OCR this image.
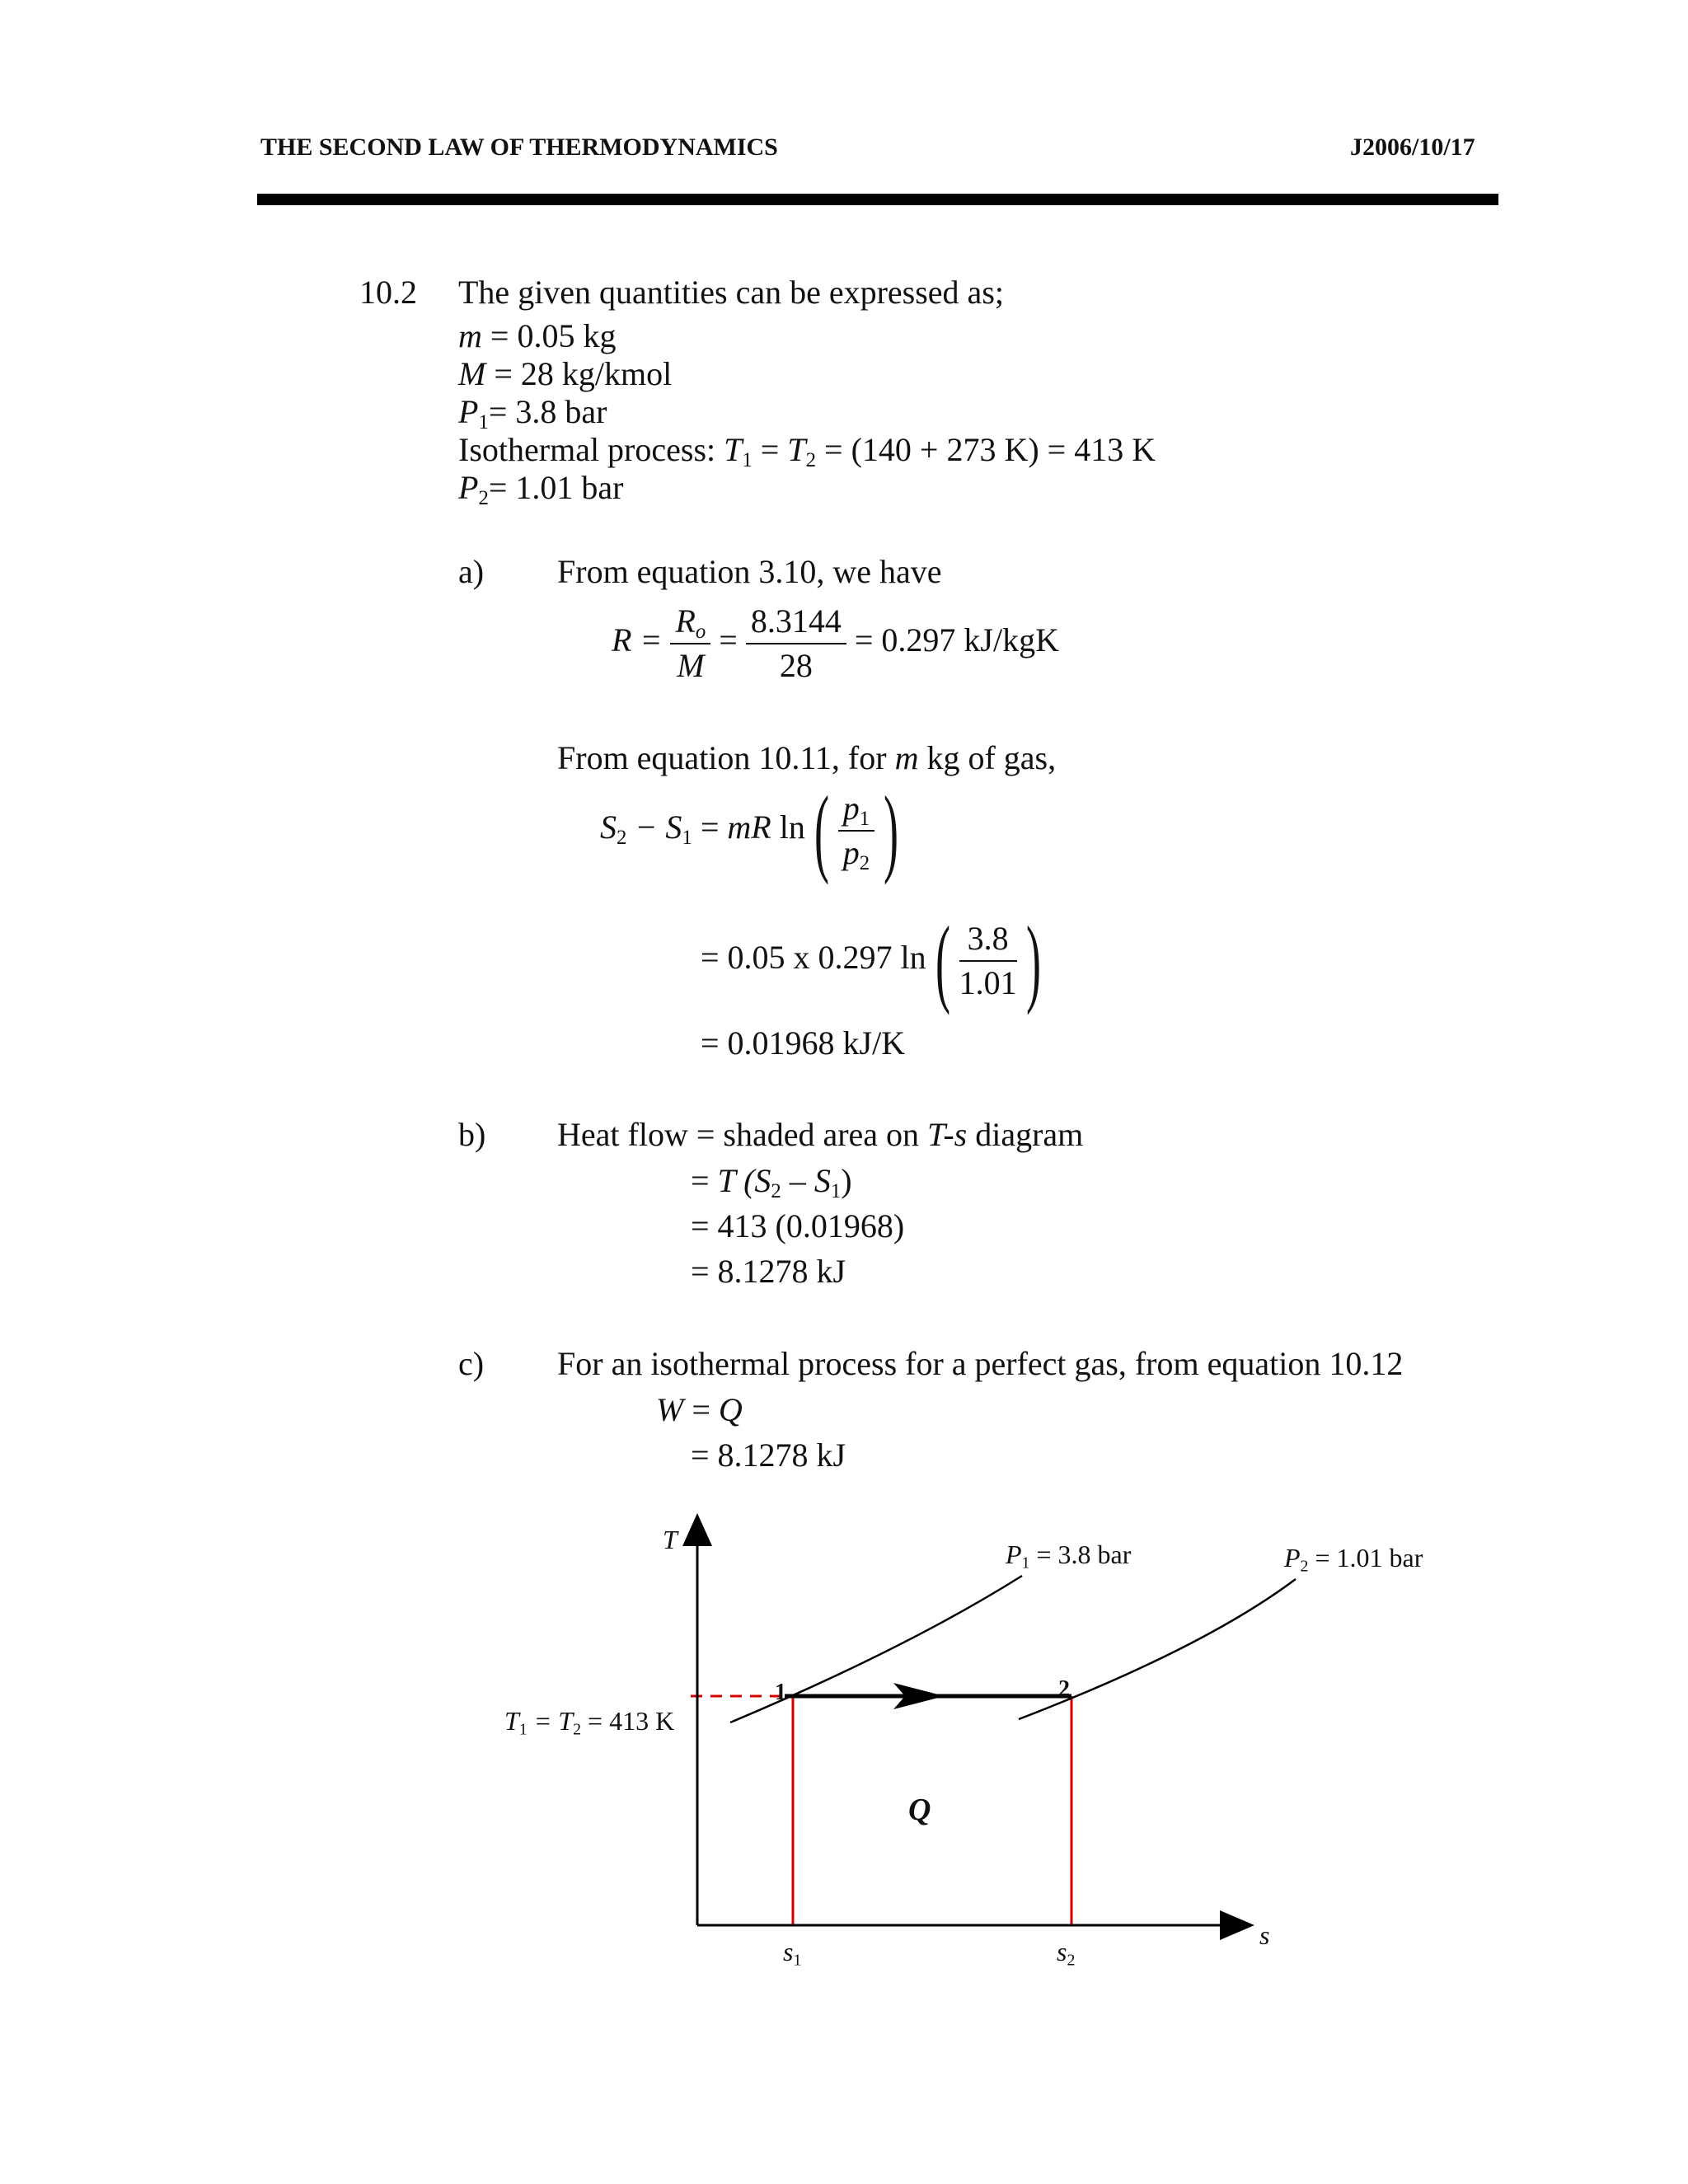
THE SECOND LAW OF THERMODYNAMICS	J2006/10/17
10.2 The given quantities can be expressed as;
m = 0.05 kg
M = 28 kg/kmol
$P_1= 3.8$ bar
Isothermal process: $T_1 = T_2 = (140 + 273$ K) = 413 K
$P_2= 1.01$ bar
a) From equation 3.10, we have
$R = \frac{R_o}{M} = \frac{8.3144}{28} = 0.297$ kJ/kgK
From equation 10.11, for m kg of gas,
$S_2 - S_1$ = mR $\ln( \frac{p_1}{p_2}$ )
= 0.05 x 0.297 $\ln( \frac{3.8}{1.01}$ )
= 0.01968 kJ/K
b) Heat flow = shaded area on T-s diagram
= T $(S_2 - S_1)$
= 413 (0.01968)
= 8.1278 kJ
c) For an isothermal process for a perfect gas, from equation 10.12
W = Q
= 8.1278 kJ
T
s
$P_1 = 3.8$ bar	$P_2 = 1.01$ bar
$T_1 = T_2 = 413$ K
1	2
Q
$s_1$	$s_2$
